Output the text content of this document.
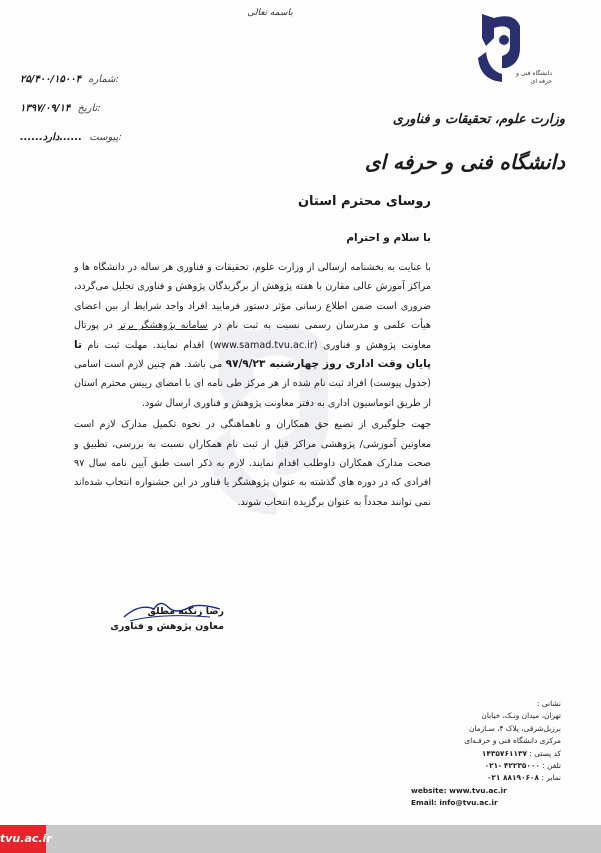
باسمه تعالی
دانشگاه فنی و حرفه ای
وزارت علوم، تحقیقات و فناوری
دانشگاه فنی و حرفه ای
۲۵/۴۰۰/۱۵۰۰۴ شماره:
۱۳۹۷/۰۹/۱۴ تاریخ:
......دارد...... پیوست:
روسای محترم استان
با سلام و احترام

با عنایت به بخشنامه ارسالی از وزارت علوم، تحقیقات و فناوری هر ساله در دانشگاه ها و مراکز آموزش عالی مقارن با هفته پژوهش از برگزیدگان پژوهش و فناوری تجلیل می‌گردد، ضروری است ضمن اطلاع رسانی مؤثر دستور فرمایید افراد واجد شرایط از بین اعضای هیأت علمی و مدرسان رسمی نسبت به ثبت نام در سامانه پژوهشگر برتر در پورتال معاونت پژوهش و فناوری (www.samad.tvu.ac.ir) اقدام نمایند. مهلت ثبت نام تا پایان وقت اداری روز چهارشنبه ۹۷/۹/۲۳ می باشد. هم چنین لازم است اسامی (جدول پیوست) افراد ثبت نام شده از هر مرکز طی نامه ای با امضای رییس محترم استان از طریق اتوماسیون اداری به دفتر معاونت پژوهش و فناوری ارسال شود.

جهت جلوگیری از تضیع حق همکاران و ناهماهنگی در نحوه تکمیل مدارک لازم است معاونین آموزشی/ پژوهشی مراکز قبل از ثبت نام همکاران نسبت به بررسی، تطبیق و صحت مدارک همکاران داوطلب اقدام نمایند. لازم به ذکر است طبق آیین نامه سال ۹۷ افرادی که در دوره های گذشته به عنوان پژوهشگر یا فناور در این جشنواره انتخاب شده‌اند نمی توانند مجدداً به عنوان برگزیده انتخاب شوند.

رضا زنگنه مطلق
معاون پژوهش و فناوری
نشانی :
تهران، میدان ونـک، خیابان
برزیل‌شرقی، پلاک ۴، سـازمان
مرکزی دانشگاه فنی و حرفـه‌ای
کد پستی : ۱۴۳۵۷۶۱۱۳۷
تلفن : ۰۲۱- ۴۲۲۳۵۰۰۰
نمابر : ۰۲۱ ۸۸۱۹۰۶۰۸
website: www.tvu.ac.ir
Email: info@tvu.ac.ir
tvu.ac.ir
